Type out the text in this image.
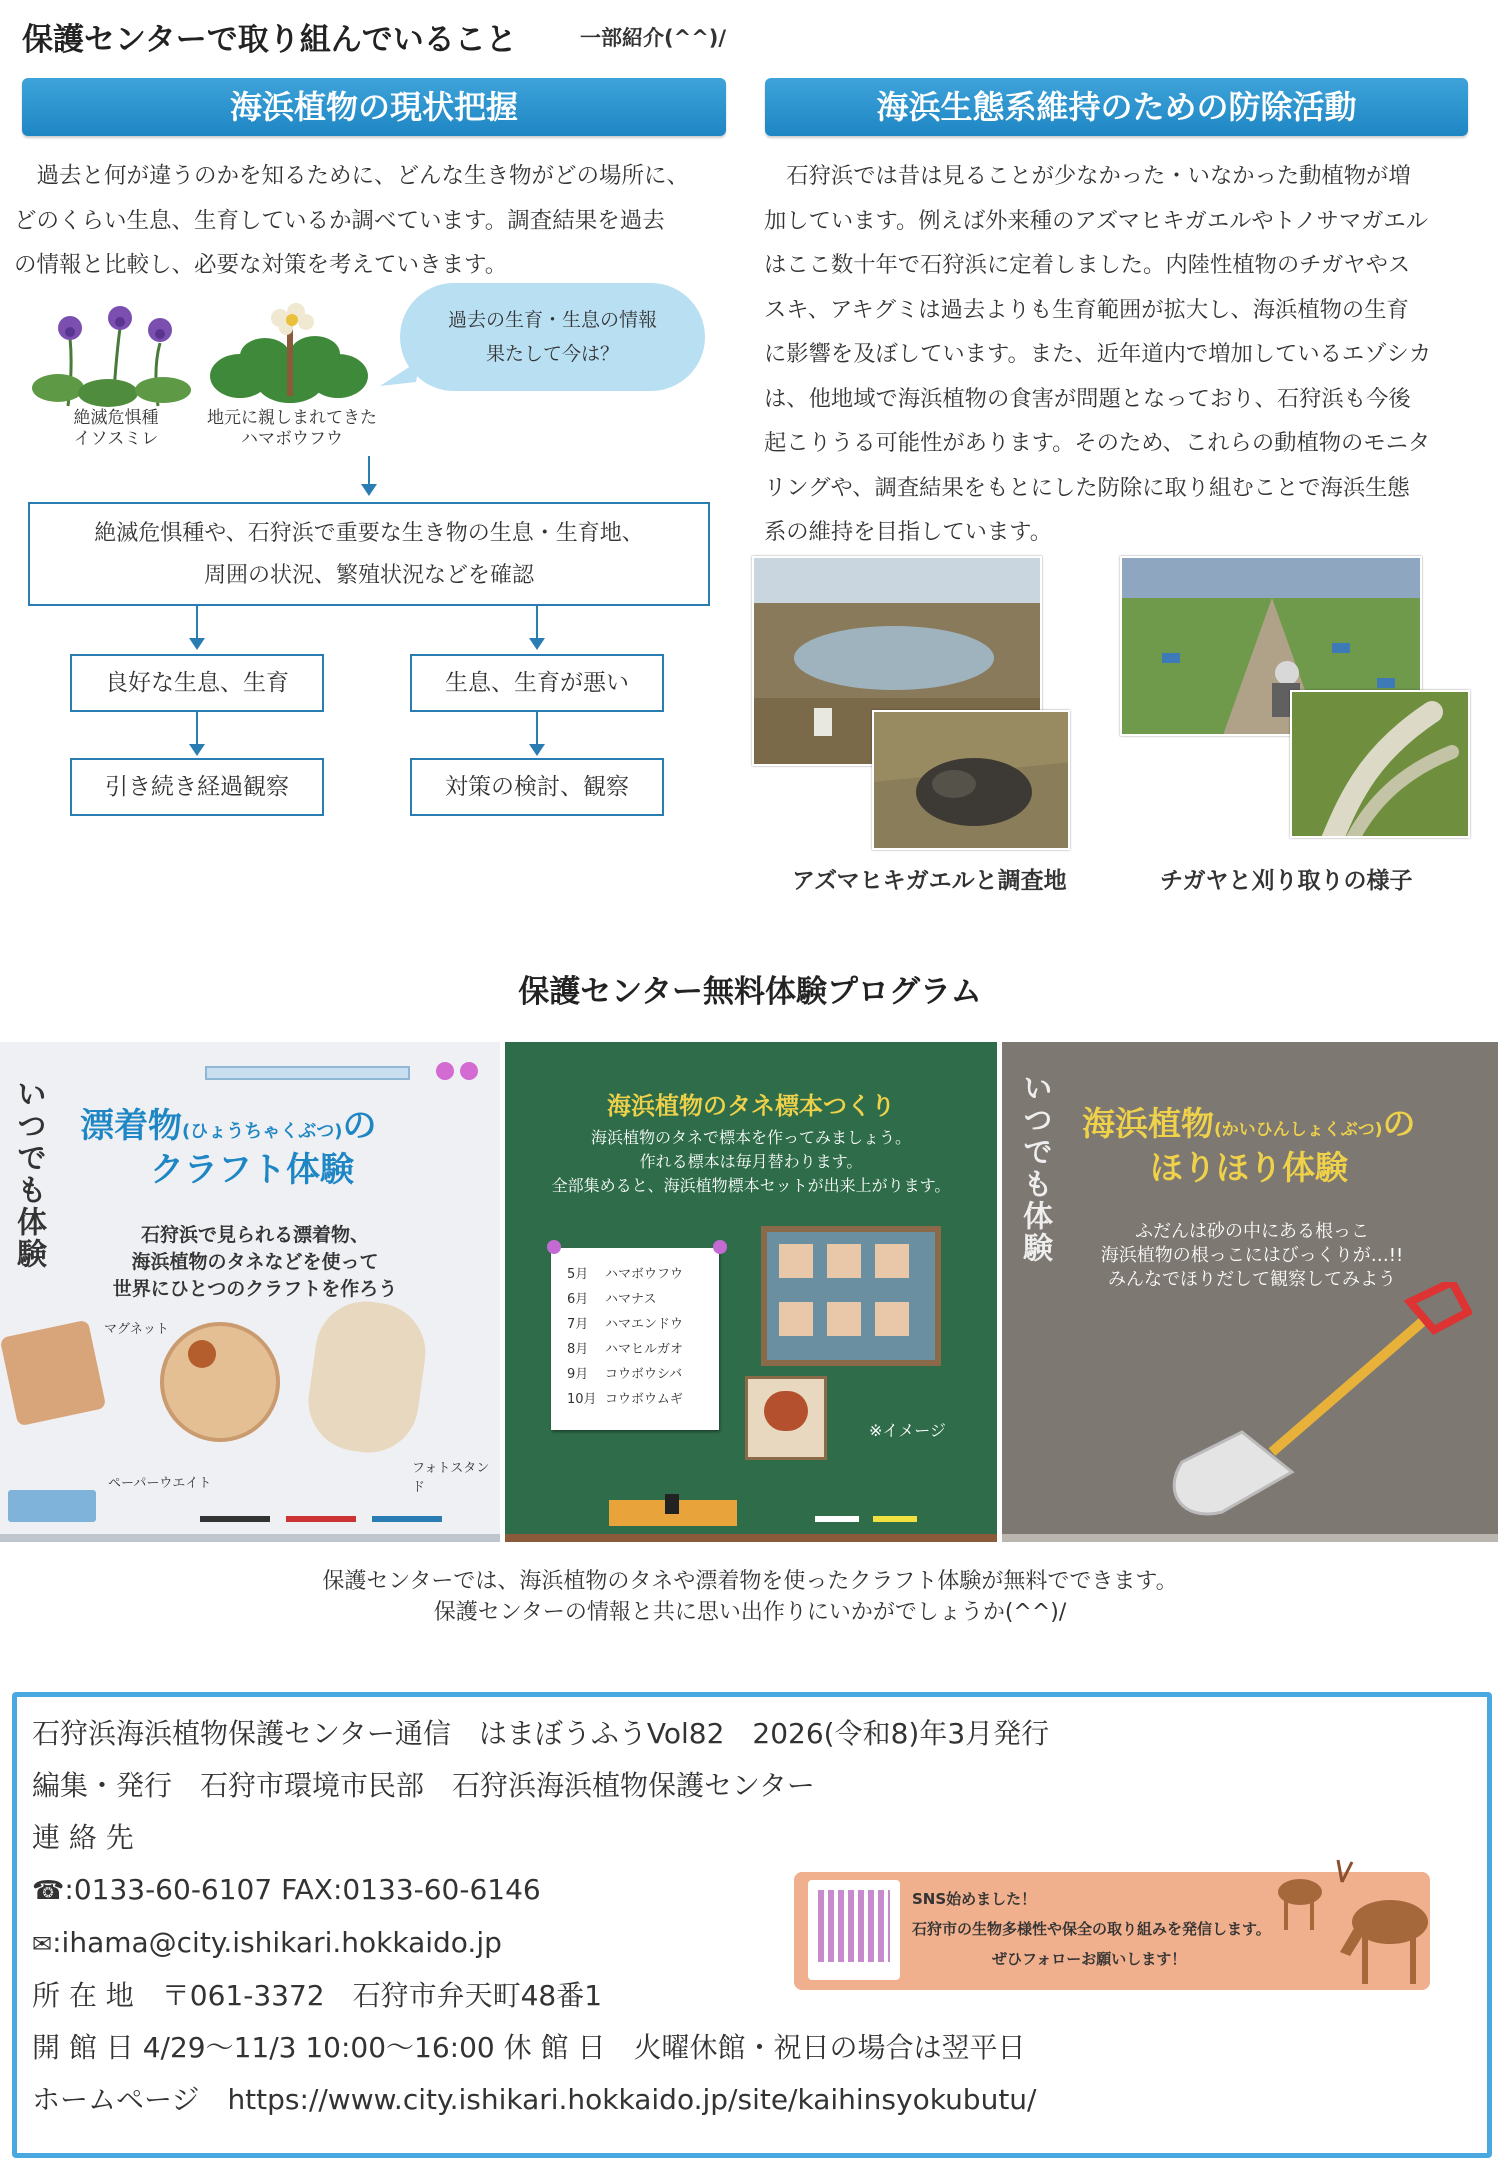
保護センターで取り組んでいること	一部紹介(^^)/
海浜植物の現状把握
　過去と何が違うのかを知るために、どんな生き物がどの場所に、
どのくらい生息、生育しているか調べています。調査結果を過去
の情報と比較し、必要な対策を考えていきます。
絶滅危惧種
イソスミレ
地元に親しまれてきた
ハマボウフウ
過去の生育・生息の情報
果たして今は？
絶滅危惧種や、石狩浜で重要な生き物の生息・生育地、
周囲の状況、繁殖状況などを確認
良好な生息、生育	生息、生育が悪い
引き続き経過観察	対策の検討、観察
海浜生態系維持のための防除活動
　石狩浜では昔は見ることが少なかった・いなかった動植物が増
加しています。例えば外来種のアズマヒキガエルやトノサマガエル
はここ数十年で石狩浜に定着しました。内陸性植物のチガヤやス
スキ、アキグミは過去よりも生育範囲が拡大し、海浜植物の生育
に影響を及ぼしています。また、近年道内で増加しているエゾシカ
は、他地域で海浜植物の食害が問題となっており、石狩浜も今後
起こりうる可能性があります。そのため、これらの動植物のモニタ
リングや、調査結果をもとにした防除に取り組むことで海浜生態
系の維持を目指しています。
アズマヒキガエルと調査地	チガヤと刈り取りの様子
保護センター無料体験プログラム
いつでも体験 漂着物(ひょうちゃくぶつ)の
クラフト体験
石狩浜で見られる漂着物、
海浜植物のタネなどを使って
世界にひとつのクラフトを作ろう
マグネット
ペーパーウエイト
フォトスタンド
海浜植物のタネ標本つくり
海浜植物のタネで標本を作ってみましょう。
作れる標本は毎月替わります。
全部集めると、海浜植物標本セットが出来上がります。
5月 ハマボウフウ
6月 ハマナス
7月 ハマエンドウ
8月 ハマヒルガオ
9月 コウボウシバ
10月 コウボウムギ
※イメージ
いつでも体験 海浜植物(かいひんしょくぶつ)の
ほりほり体験
ふだんは砂の中にある根っこ
海浜植物の根っこにはびっくりが…!!
みんなでほりだして観察してみよう
保護センターでは、海浜植物のタネや漂着物を使ったクラフト体験が無料でできます。
保護センターの情報と共に思い出作りにいかがでしょうか(^^)/
石狩浜海浜植物保護センター通信　はまぼうふうVol82　2026(令和8)年3月発行
編集・発行　石狩市環境市民部　石狩浜海浜植物保護センター
連 絡 先
☎:0133-60-6107 FAX:0133-60-6146
✉:ihama@city.ishikari.hokkaido.jp
所 在 地　〒061-3372　石狩市弁天町48番1
開 館 日 4/29～11/3 10:00～16:00 休 館 日　火曜休館・祝日の場合は翌平日
ホームページ　https://www.city.ishikari.hokkaido.jp/site/kaihinsyokubutu/
SNS始めました！
石狩市の生物多様性や保全の取り組みを発信します。
ぜひフォローお願いします！
